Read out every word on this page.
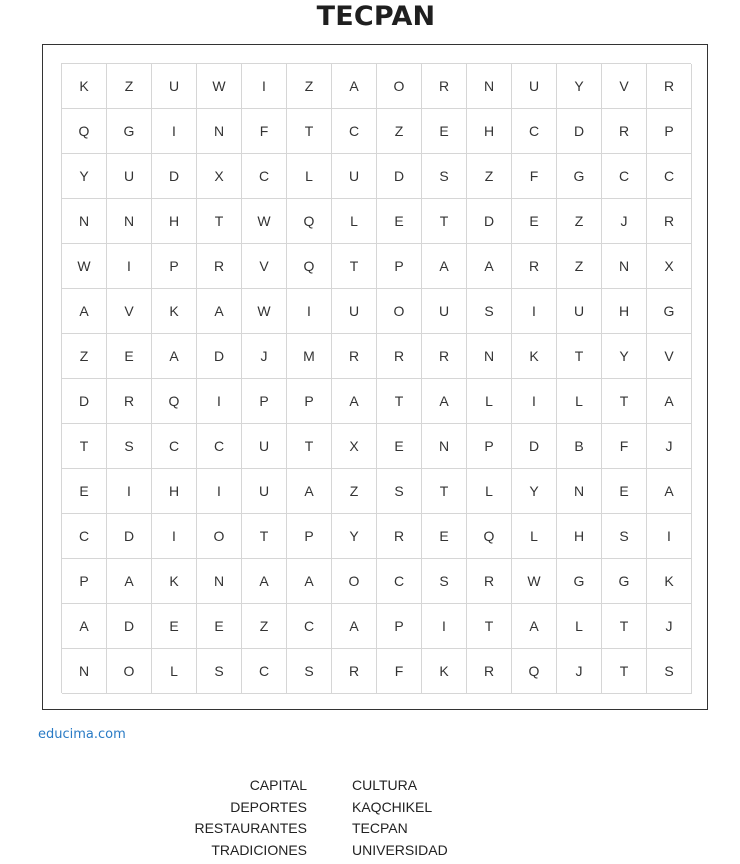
TECPAN
K	Z	U	W	I	Z	A	O	R	N	U	Y	V	R
Q	G	I	N	F	T	C	Z	E	H	C	D	R	P
Y	U	D	X	C	L	U	D	S	Z	F	G	C	C
N	N	H	T	W	Q	L	E	T	D	E	Z	J	R
W	I	P	R	V	Q	T	P	A	A	R	Z	N	X
A	V	K	A	W	I	U	O	U	S	I	U	H	G
Z	E	A	D	J	M	R	R	R	N	K	T	Y	V
D	R	Q	I	P	P	A	T	A	L	I	L	T	A
T	S	C	C	U	T	X	E	N	P	D	B	F	J
E	I	H	I	U	A	Z	S	T	L	Y	N	E	A
C	D	I	O	T	P	Y	R	E	Q	L	H	S	I
P	A	K	N	A	A	O	C	S	R	W	G	G	K
A	D	E	E	Z	C	A	P	I	T	A	L	T	J
N	O	L	S	C	S	R	F	K	R	Q	J	T	S
educima.com
CAPITAL	CULTURA
DEPORTES	KAQCHIKEL
RESTAURANTES	TECPAN
TRADICIONES	UNIVERSIDAD
